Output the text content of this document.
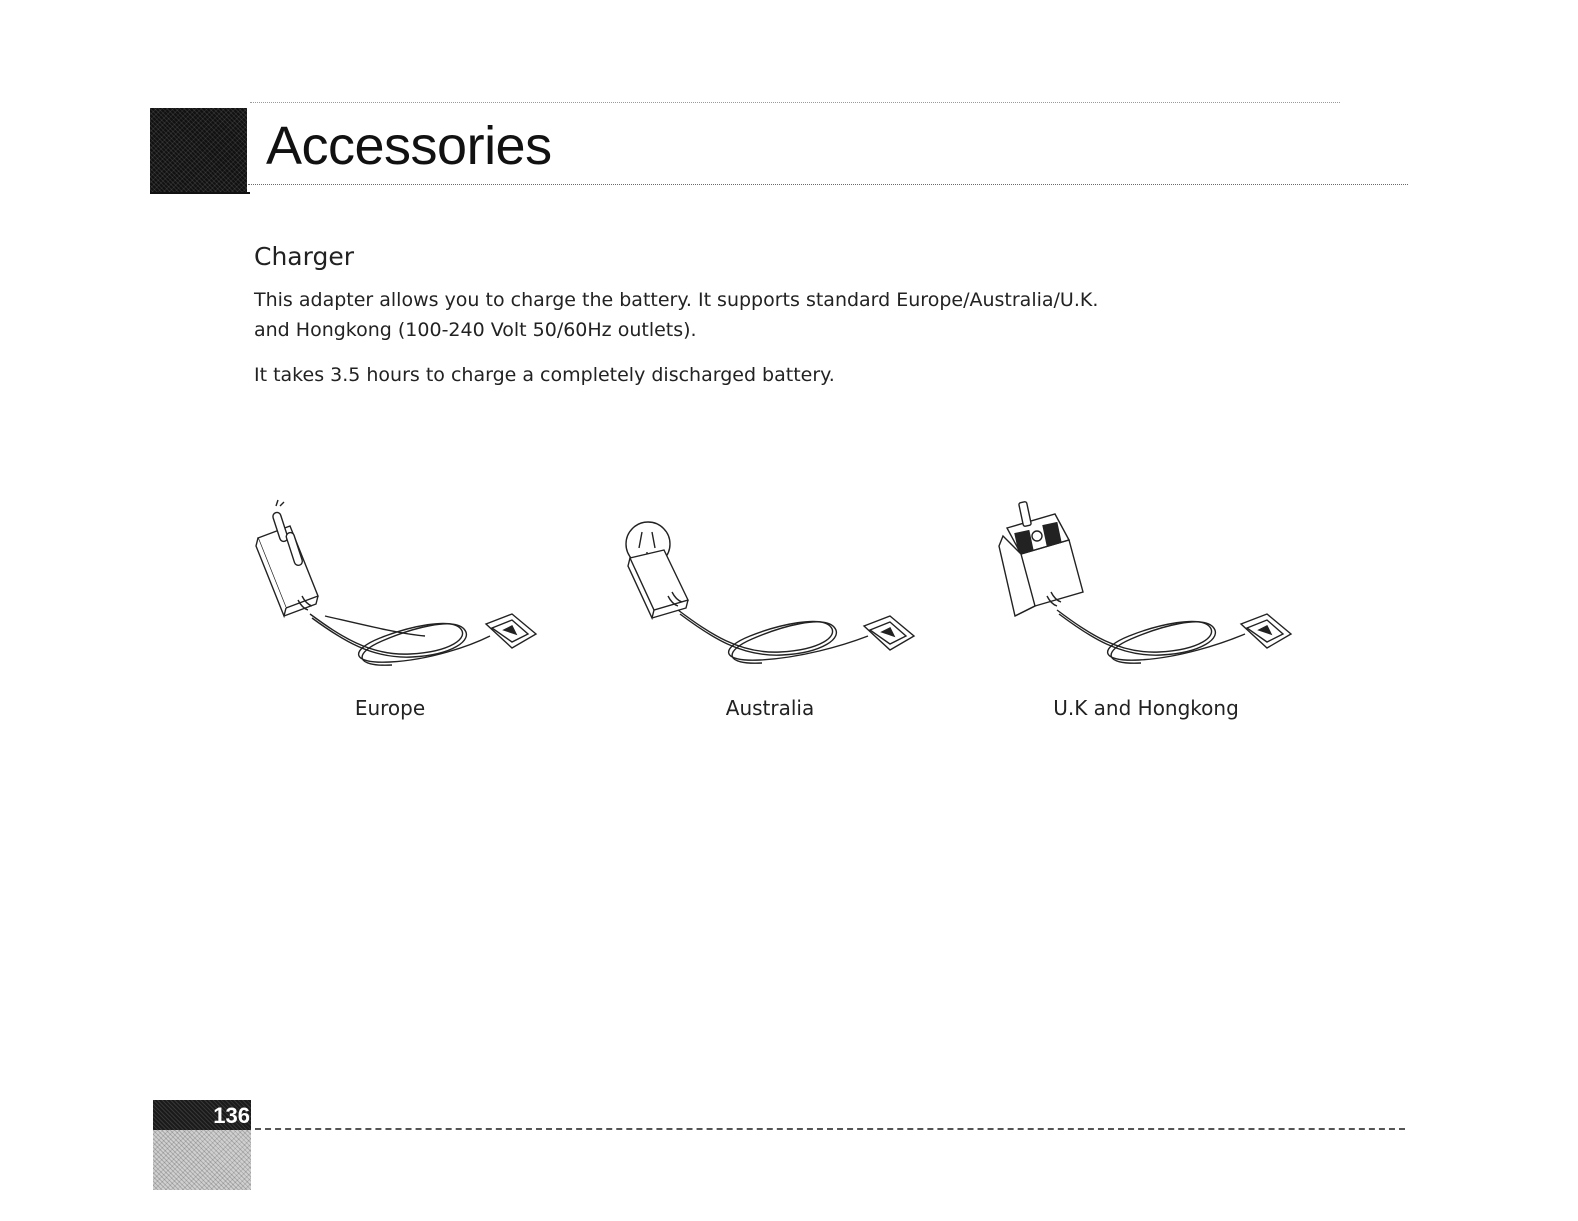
Accessories
Charger

This adapter allows you to charge the battery. It supports standard Europe/Australia/U.K.
and Hongkong (100-240 Volt 50/60Hz outlets).

It takes 3.5 hours to charge a completely discharged battery.

Europe	Australia	U.K and Hongkong
136
